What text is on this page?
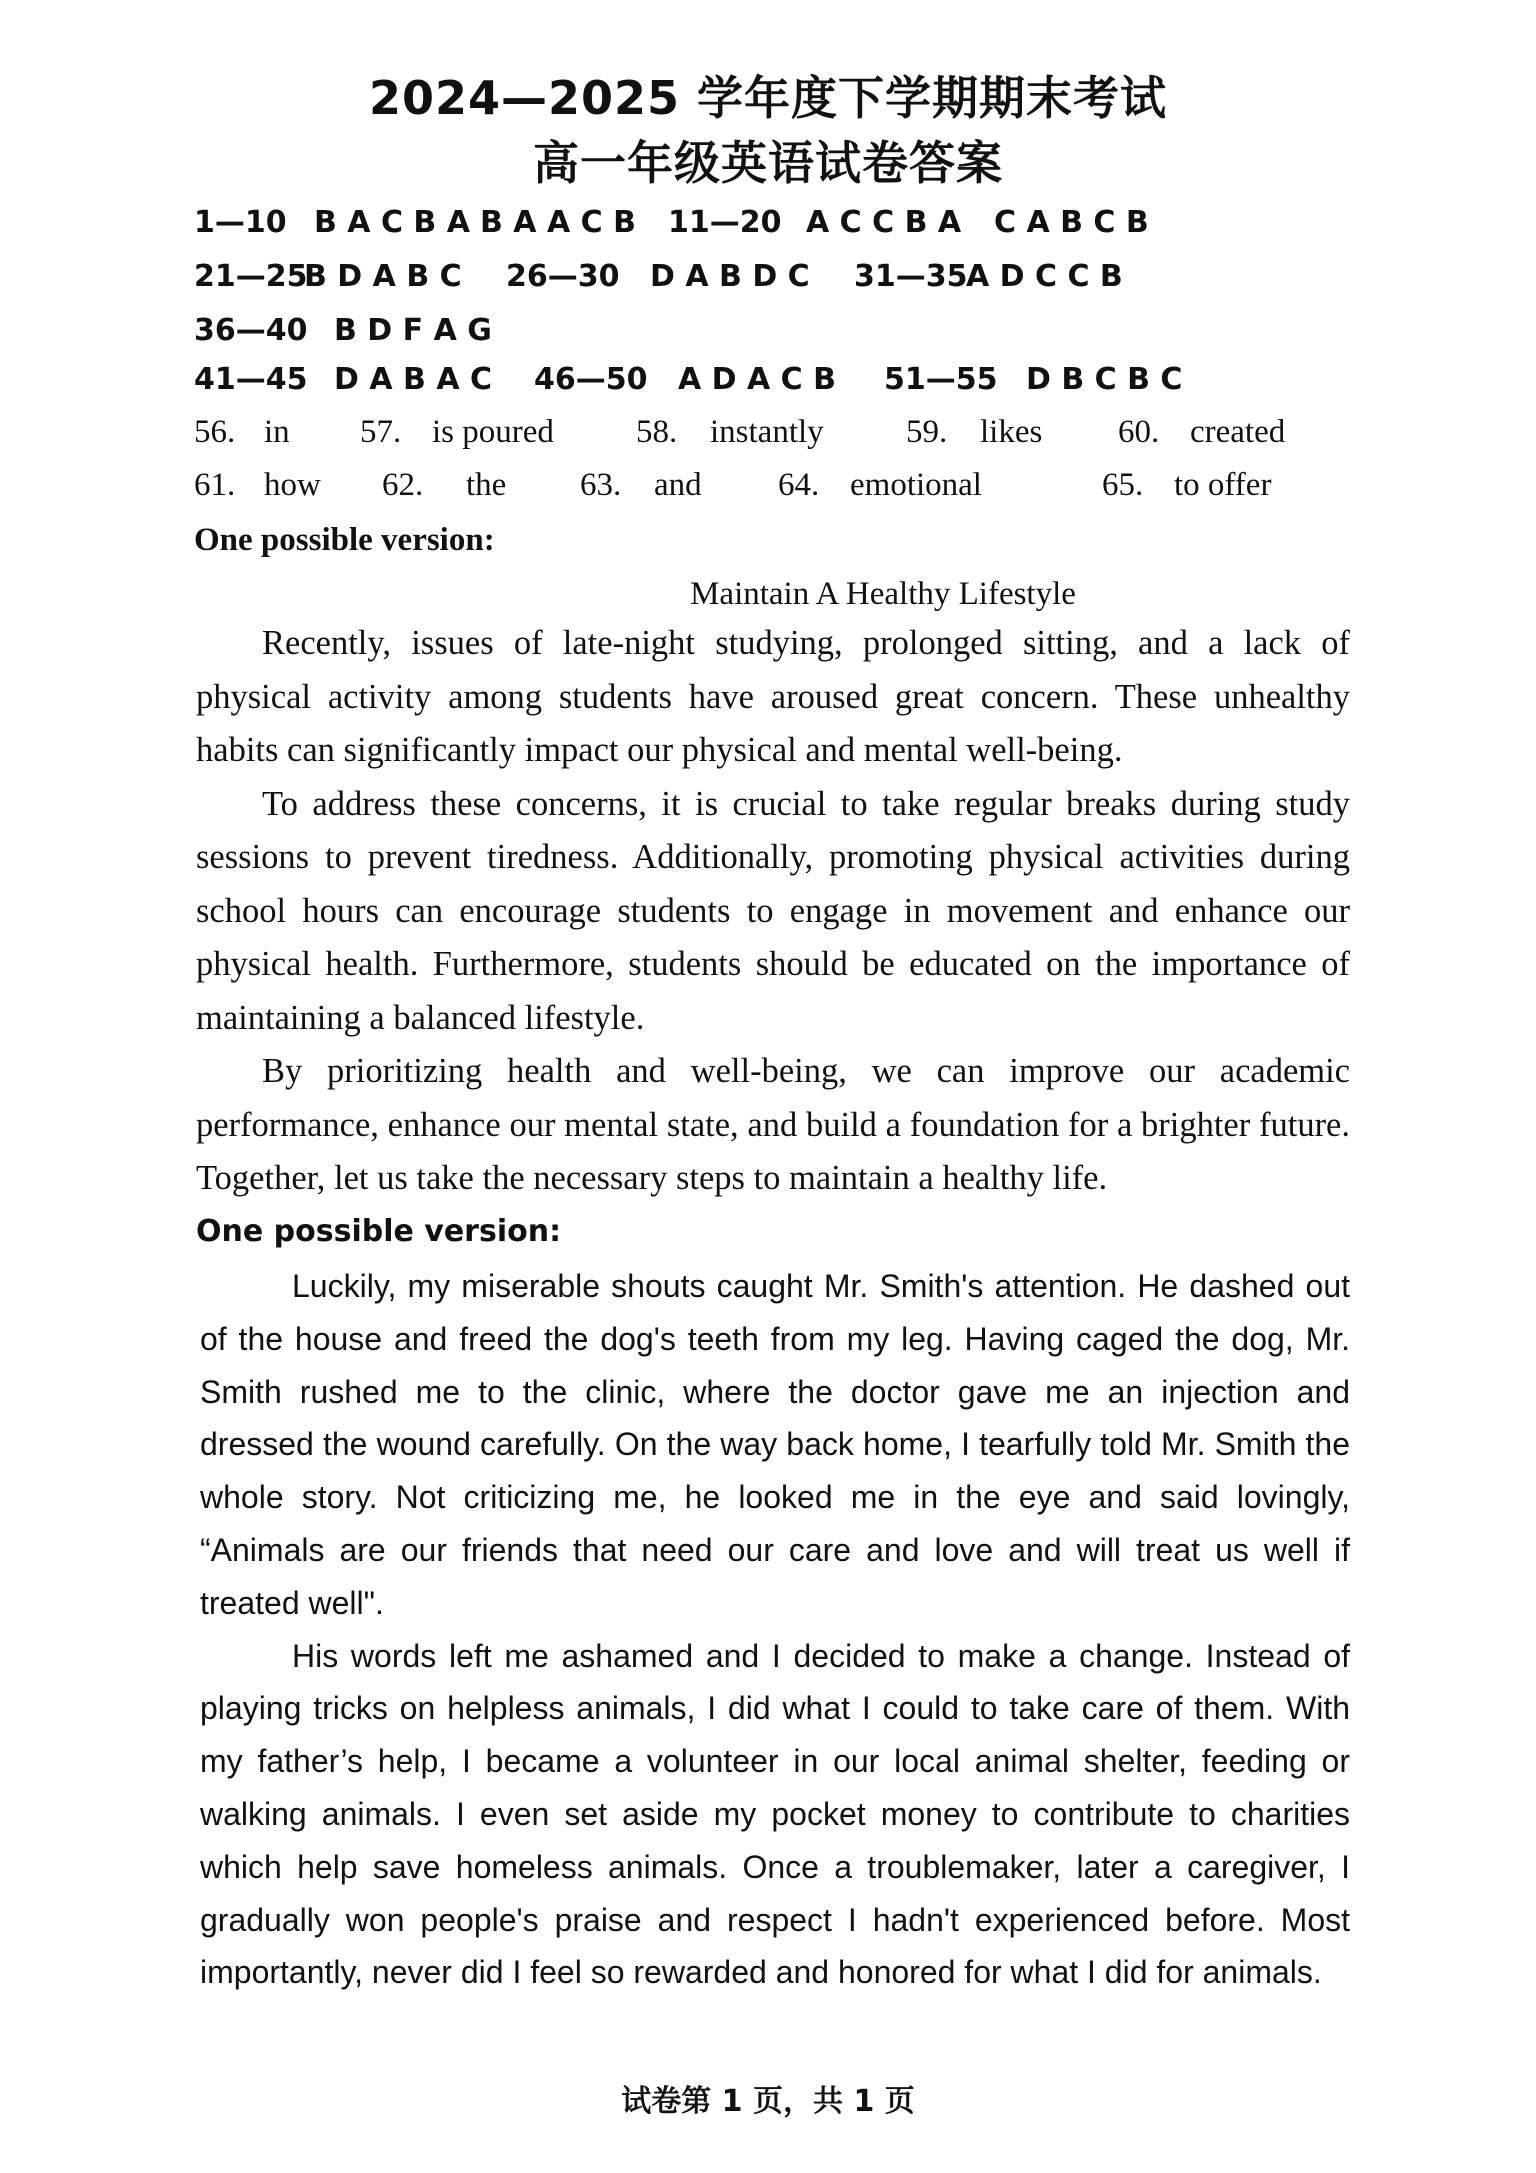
2024—2025 学年度下学期期末考试
高一年级英语试卷答案

1—10

B A C B A

B A A C B

11—20

A C C B A

C A B C B

21—25

B D A B C

26—30

D A B D C

31—35

A D C C B

36—40

B D F A G

41—45

D A B A C

46—50

A D A C B

51—55

D B C B C

56.

in

57.

is poured

58.

instantly

59.

likes

60.

created

61.

how

62.

the

63.

and

64.

emotional

	65.

to offer

One possible version:
Maintain A Healthy Lifestyle

Recently, issues of late-night studying, prolonged sitting, and a lack of physical activity among students have aroused great concern. These unhealthy habits can significantly impact our physical and mental well-being.

To address these concerns, it is crucial to take regular breaks during study sessions to prevent tiredness. Additionally, promoting physical activities during school hours can encourage students to engage in movement and enhance our physical health. Furthermore, students should be educated on the importance of maintaining a balanced lifestyle.

By prioritizing health and well-being, we can improve our academic performance, enhance our mental state, and build a foundation for a brighter future. Together, let us take the necessary steps to maintain a healthy life.

One possible version:

Luckily, my miserable shouts caught Mr. Smith's attention. He dashed out of the house and freed the dog's teeth from my leg. Having caged the dog, Mr. Smith rushed me to the clinic, where the doctor gave me an injection and dressed the wound carefully. On the way back home, I tearfully told Mr. Smith the whole story. Not criticizing me, he looked me in the eye and said lovingly, “Animals are our friends that need our care and love and will treat us well if treated well".

His words left me ashamed and I decided to make a change. Instead of playing tricks on helpless animals, I did what I could to take care of them. With my father’s help, I became a volunteer in our local animal shelter, feeding or walking animals. I even set aside my pocket money to contribute to charities which help save homeless animals. Once a troublemaker, later a caregiver, I gradually won people's praise and respect I hadn't experienced before. Most importantly, never did I feel so rewarded and honored for what I did for animals.

试卷第 1 页，共 1 页
